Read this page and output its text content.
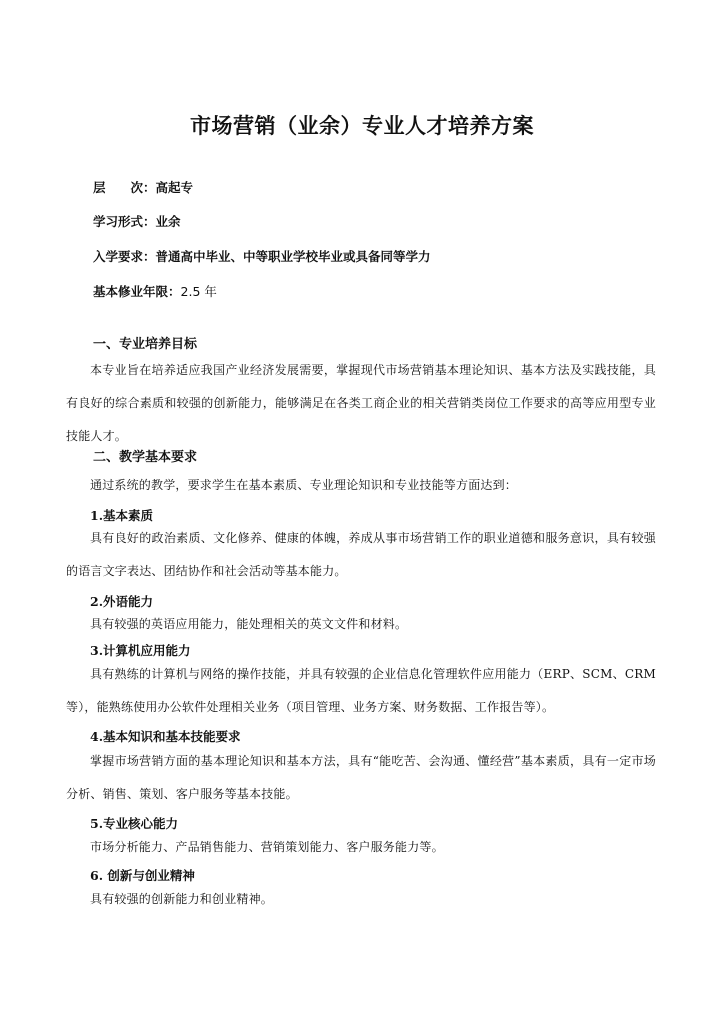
市场营销（业余）专业人才培养方案
层　　次：高起专
学习形式：业余
入学要求：普通高中毕业、中等职业学校毕业或具备同等学力
基本修业年限：2.5 年
一、专业培养目标
本专业旨在培养适应我国产业经济发展需要，掌握现代市场营销基本理论知识、基本方法及实践技能，具有良好的综合素质和较强的创新能力，能够满足在各类工商企业的相关营销类岗位工作要求的高等应用型专业技能人才。
二、教学基本要求
通过系统的教学，要求学生在基本素质、专业理论知识和专业技能等方面达到：
1.基本素质
具有良好的政治素质、文化修养、健康的体魄，养成从事市场营销工作的职业道德和服务意识，具有较强的语言文字表达、团结协作和社会活动等基本能力。
2.外语能力
具有较强的英语应用能力，能处理相关的英文文件和材料。
3.计算机应用能力
具有熟练的计算机与网络的操作技能，并具有较强的企业信息化管理软件应用能力（ERP、SCM、CRM 等），能熟练使用办公软件处理相关业务（项目管理、业务方案、财务数据、工作报告等）。
4.基本知识和基本技能要求
掌握市场营销方面的基本理论知识和基本方法，具有“能吃苦、会沟通、懂经营”基本素质，具有一定市场分析、销售、策划、客户服务等基本技能。
5.专业核心能力
市场分析能力、产品销售能力、营销策划能力、客户服务能力等。
6. 创新与创业精神
具有较强的创新能力和创业精神。
